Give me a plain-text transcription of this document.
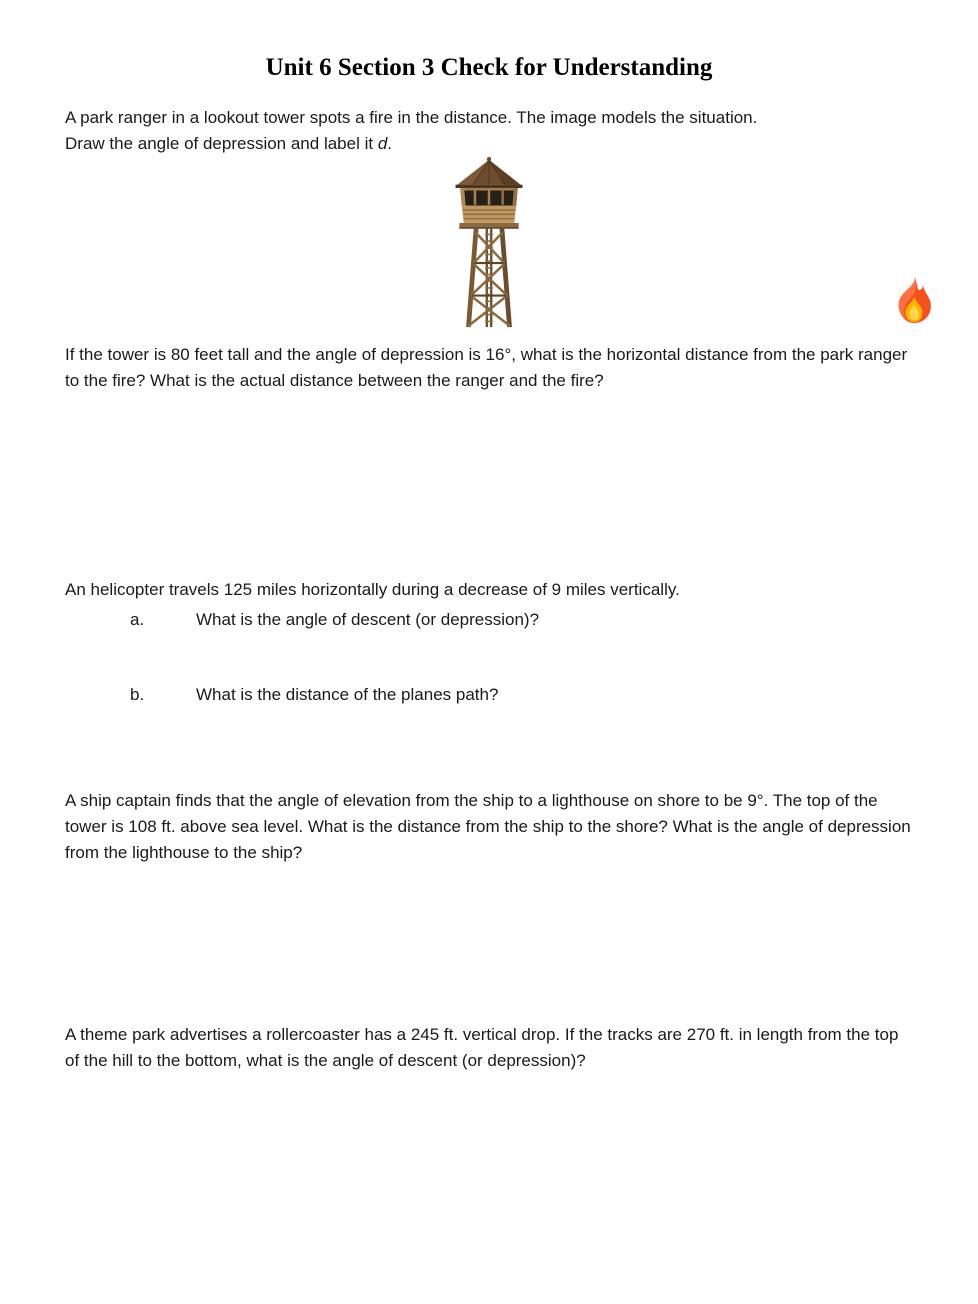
Unit 6 Section 3 Check for Understanding

A park ranger in a lookout tower spots a fire in the distance. The image models the situation.
Draw the angle of depression and label it d.

If the tower is 80 feet tall and the angle of depression is 16°, what is the horizontal distance from the park ranger to the fire? What is the actual distance between the ranger and the fire?

An helicopter travels 125 miles horizontally during a decrease of 9 miles vertically.

a.	What is the angle of descent (or depression)?
b.	What is the distance of the planes path?

A ship captain finds that the angle of elevation from the ship to a lighthouse on shore to be 9°. The top of the tower is 108 ft. above sea level. What is the distance from the ship to the shore? What is the angle of depression from the lighthouse to the ship?

A theme park advertises a rollercoaster has a 245 ft. vertical drop. If the tracks are 270 ft. in length from the top of the hill to the bottom, what is the angle of descent (or depression)?
